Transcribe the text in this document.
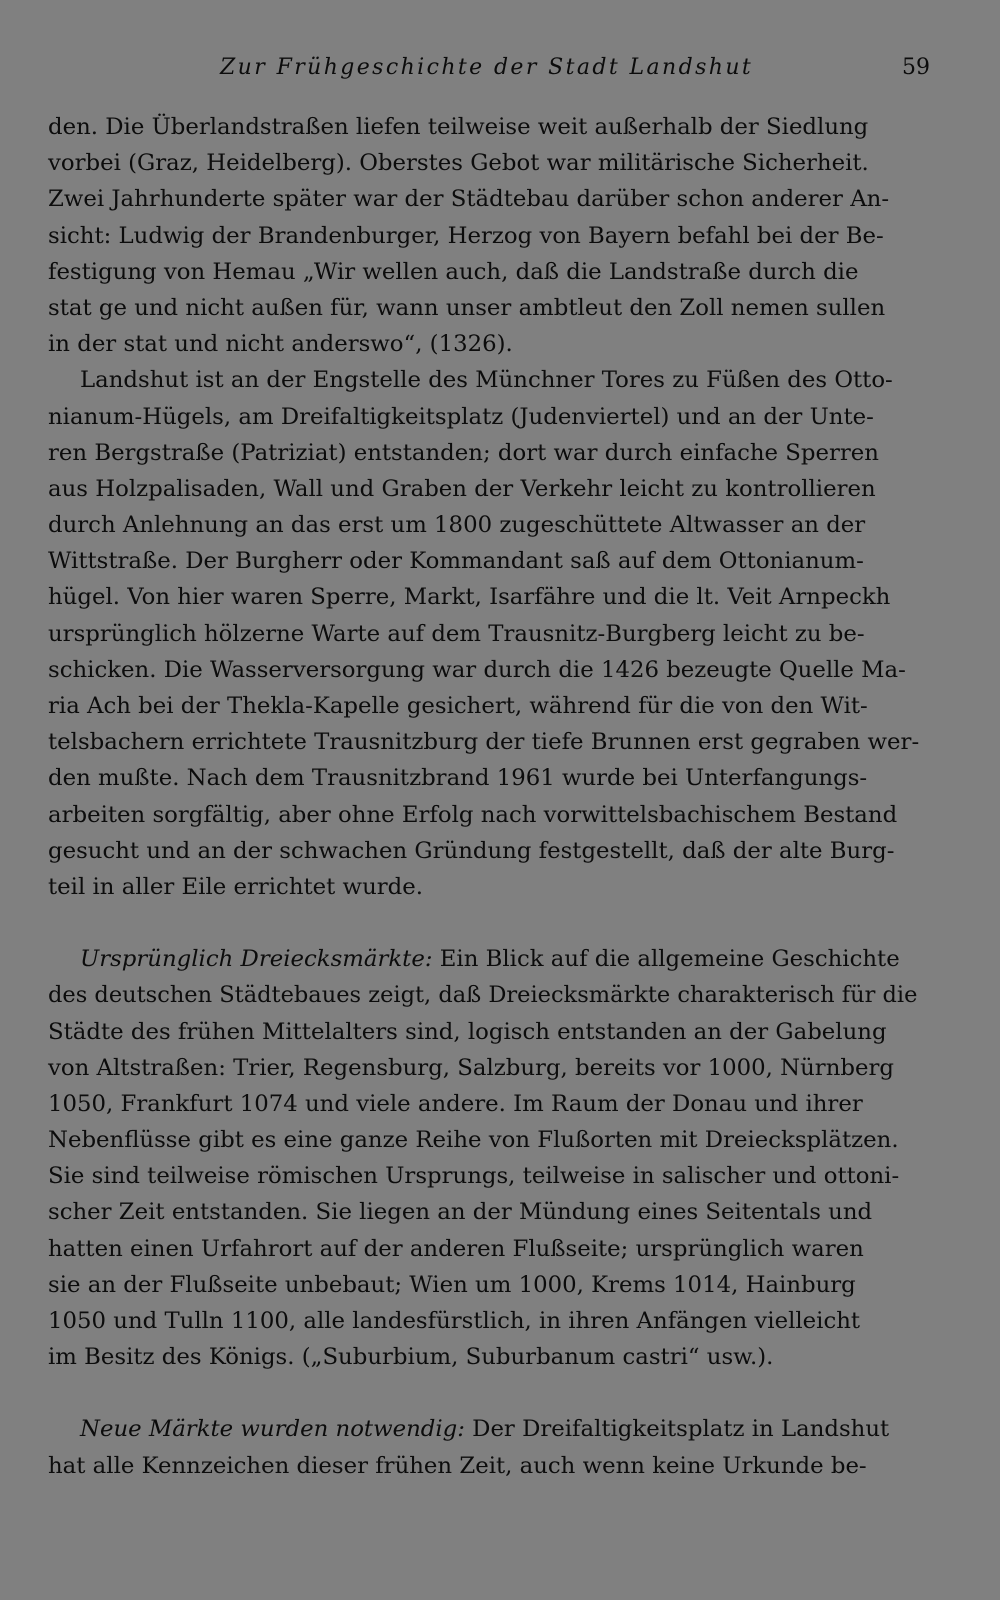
Zur Frühgeschichte der Stadt Landshut	59
den. Die Überlandstraßen liefen teilweise weit außerhalb der Siedlung
vorbei (Graz, Heidelberg). Oberstes Gebot war militärische Sicherheit.
Zwei Jahrhunderte später war der Städtebau darüber schon anderer An-
sicht: Ludwig der Brandenburger, Herzog von Bayern befahl bei der Be-
festigung von Hemau „Wir wellen auch, daß die Landstraße durch die
stat ge und nicht außen für, wann unser ambtleut den Zoll nemen sullen
in der stat und nicht anderswo“, (1326).
Landshut ist an der Engstelle des Münchner Tores zu Füßen des Otto-
nianum-Hügels, am Dreifaltigkeitsplatz (Judenviertel) und an der Unte-
ren Bergstraße (Patriziat) entstanden; dort war durch einfache Sperren
aus Holzpalisaden, Wall und Graben der Verkehr leicht zu kontrollieren
durch Anlehnung an das erst um 1800 zugeschüttete Altwasser an der
Wittstraße. Der Burgherr oder Kommandant saß auf dem Ottonianum-
hügel. Von hier waren Sperre, Markt, Isarfähre und die lt. Veit Arnpeckh
ursprünglich hölzerne Warte auf dem Trausnitz-Burgberg leicht zu be-
schicken. Die Wasserversorgung war durch die 1426 bezeugte Quelle Ma-
ria Ach bei der Thekla-Kapelle gesichert, während für die von den Wit-
telsbachern errichtete Trausnitzburg der tiefe Brunnen erst gegraben wer-
den mußte. Nach dem Trausnitzbrand 1961 wurde bei Unterfangungs-
arbeiten sorgfältig, aber ohne Erfolg nach vorwittelsbachischem Bestand
gesucht und an der schwachen Gründung festgestellt, daß der alte Burg-
teil in aller Eile errichtet wurde.
Ursprünglich Dreiecksmärkte: Ein Blick auf die allgemeine Geschichte
des deutschen Städtebaues zeigt, daß Dreiecksmärkte charakterisch für die
Städte des frühen Mittelalters sind, logisch entstanden an der Gabelung
von Altstraßen: Trier, Regensburg, Salzburg, bereits vor 1000, Nürnberg
1050, Frankfurt 1074 und viele andere. Im Raum der Donau und ihrer
Nebenflüsse gibt es eine ganze Reihe von Flußorten mit Dreiecksplätzen.
Sie sind teilweise römischen Ursprungs, teilweise in salischer und ottoni-
scher Zeit entstanden. Sie liegen an der Mündung eines Seitentals und
hatten einen Urfahrort auf der anderen Flußseite; ursprünglich waren
sie an der Flußseite unbebaut; Wien um 1000, Krems 1014, Hainburg
1050 und Tulln 1100, alle landesfürstlich, in ihren Anfängen vielleicht
im Besitz des Königs. („Suburbium, Suburbanum castri“ usw.).
Neue Märkte wurden notwendig: Der Dreifaltigkeitsplatz in Landshut
hat alle Kennzeichen dieser frühen Zeit, auch wenn keine Urkunde be-
